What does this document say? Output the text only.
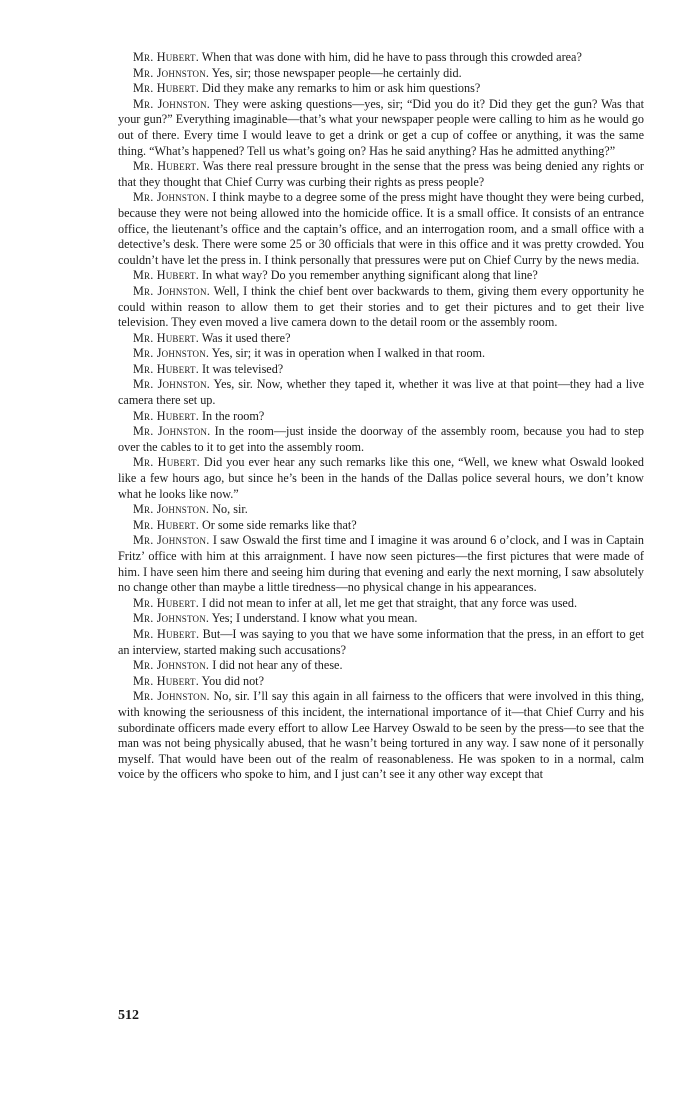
Mr. Hubert. When that was done with him, did he have to pass through this crowded area?

Mr. Johnston. Yes, sir; those newspaper people—he certainly did.

Mr. Hubert. Did they make any remarks to him or ask him questions?

Mr. Johnston. They were asking questions—yes, sir; “Did you do it? Did they get the gun? Was that your gun?” Everything imaginable—that’s what your newspaper people were calling to him as he would go out of there. Every time I would leave to get a drink or get a cup of coffee or anything, it was the same thing. “What’s happened? Tell us what’s going on? Has he said anything? Has he admitted anything?”

Mr. Hubert. Was there real pressure brought in the sense that the press was being denied any rights or that they thought that Chief Curry was curbing their rights as press people?

Mr. Johnston. I think maybe to a degree some of the press might have thought they were being curbed, because they were not being allowed into the homicide office. It is a small office. It consists of an entrance office, the lieutenant’s office and the captain’s office, and an interrogation room, and a small office with a detective’s desk. There were some 25 or 30 officials that were in this office and it was pretty crowded. You couldn’t have let the press in. I think personally that pressures were put on Chief Curry by the news media.

Mr. Hubert. In what way? Do you remember anything significant along that line?

Mr. Johnston. Well, I think the chief bent over backwards to them, giving them every opportunity he could within reason to allow them to get their stories and to get their pictures and to get their live television. They even moved a live camera down to the detail room or the assembly room.

Mr. Hubert. Was it used there?

Mr. Johnston. Yes, sir; it was in operation when I walked in that room.

Mr. Hubert. It was televised?

Mr. Johnston. Yes, sir. Now, whether they taped it, whether it was live at that point—they had a live camera there set up.

Mr. Hubert. In the room?

Mr. Johnston. In the room—just inside the doorway of the assembly room, because you had to step over the cables to it to get into the assembly room.

Mr. Hubert. Did you ever hear any such remarks like this one, “Well, we knew what Oswald looked like a few hours ago, but since he’s been in the hands of the Dallas police several hours, we don’t know what he looks like now.”

Mr. Johnston. No, sir.

Mr. Hubert. Or some side remarks like that?

Mr. Johnston. I saw Oswald the first time and I imagine it was around 6 o’clock, and I was in Captain Fritz’ office with him at this arraignment. I have now seen pictures—the first pictures that were made of him. I have seen him there and seeing him during that evening and early the next morning, I saw absolutely no change other than maybe a little tiredness—no physical change in his appearances.

Mr. Hubert. I did not mean to infer at all, let me get that straight, that any force was used.

Mr. Johnston. Yes; I understand. I know what you mean.

Mr. Hubert. But—I was saying to you that we have some information that the press, in an effort to get an interview, started making such accusations?

Mr. Johnston. I did not hear any of these.

Mr. Hubert. You did not?

Mr. Johnston. No, sir. I’ll say this again in all fairness to the officers that were involved in this thing, with knowing the seriousness of this incident, the international importance of it—that Chief Curry and his subordinate officers made every effort to allow Lee Harvey Oswald to be seen by the press—to see that the man was not being physically abused, that he wasn’t being tortured in any way. I saw none of it personally myself. That would have been out of the realm of reasonableness. He was spoken to in a normal, calm voice by the officers who spoke to him, and I just can’t see it any other way except that

512
